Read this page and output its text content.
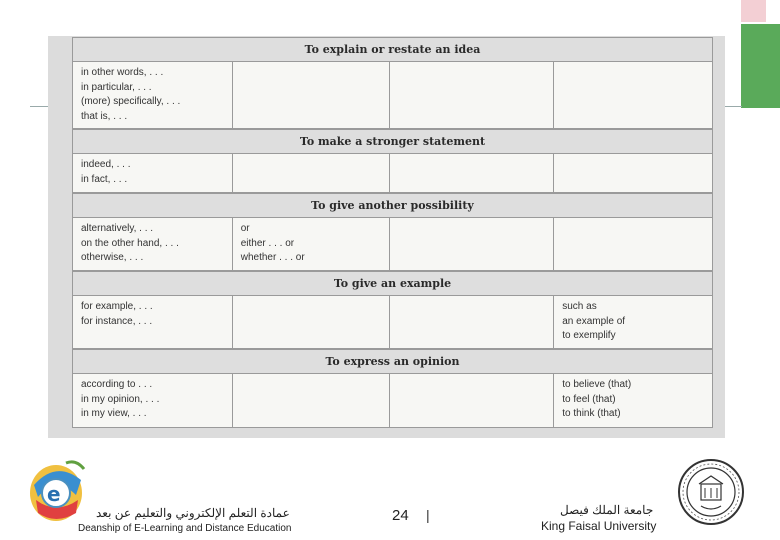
To explain or restate an idea
in other words, . . .
in particular, . . .
(more) specifically, . . .
that is, . . .
To make a stronger statement
indeed, . . .
in fact, . . .
To give another possibility
alternatively, . . .
on the other hand, . . .
otherwise, . . .
or
either . . . or
whether . . . or
To give an example
for example, . . .
for instance, . . .
such as
an example of
to exemplify
To express an opinion
according to . . .
in my opinion, . . .
in my view, . . .
to believe (that)
to feel (that)
to think (that)
e
عمادة التعلم الإلكتروني والتعليم عن بعد
Deanship of E-Learning and Distance Education
24 |	جامعة الملك فيصل
King Faisal University
